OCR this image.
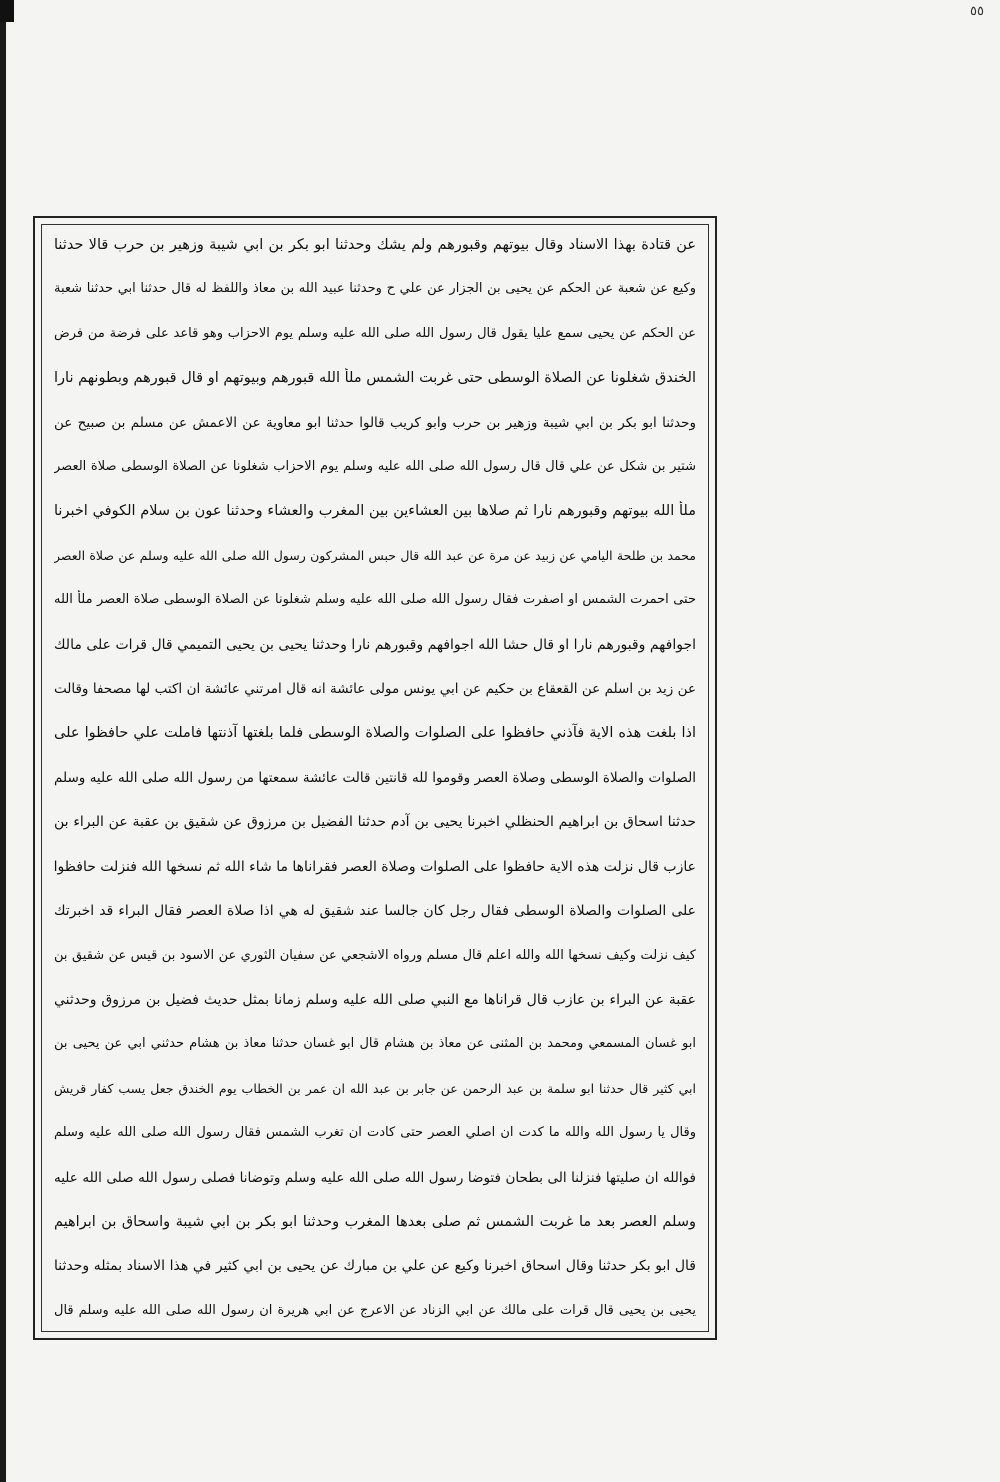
٥٥
عن قتادة بهذا الاسناد وقال بيوتهم وقبورهم ولم يشك وحدثنا ابو بكر بن ابي شيبة وزهير بن حرب قالا حدثنا
وكيع عن شعبة عن الحكم عن يحيى بن الجزار عن علي ح وحدثنا عبيد الله بن معاذ واللفظ له قال حدثنا ابي حدثنا شعبة
عن الحكم عن يحيى سمع عليا يقول قال رسول الله صلى الله عليه وسلم يوم الاحزاب وهو قاعد على فرضة من فرض
الخندق شغلونا عن الصلاة الوسطى حتى غربت الشمس ملأ الله قبورهم وبيوتهم او قال قبورهم وبطونهم نارا
وحدثنا ابو بكر بن ابي شيبة وزهير بن حرب وابو كريب قالوا حدثنا ابو معاوية عن الاعمش عن مسلم بن صبيح عن
شتير بن شكل عن علي قال قال رسول الله صلى الله عليه وسلم يوم الاحزاب شغلونا عن الصلاة الوسطى صلاة العصر
ملأ الله بيوتهم وقبورهم نارا ثم صلاها بين العشاءين بين المغرب والعشاء وحدثنا عون بن سلام الكوفي اخبرنا
محمد بن طلحة اليامي عن زبيد عن مرة عن عبد الله قال حبس المشركون رسول الله صلى الله عليه وسلم عن صلاة العصر
حتى احمرت الشمس او اصفرت فقال رسول الله صلى الله عليه وسلم شغلونا عن الصلاة الوسطى صلاة العصر ملأ الله
اجوافهم وقبورهم نارا او قال حشا الله اجوافهم وقبورهم نارا وحدثنا يحيى بن يحيى التميمي قال قرات على مالك
عن زيد بن اسلم عن القعقاع بن حكيم عن ابي يونس مولى عائشة انه قال امرتني عائشة ان اكتب لها مصحفا وقالت
اذا بلغت هذه الاية فآذني حافظوا على الصلوات والصلاة الوسطى فلما بلغتها آذنتها فاملت علي حافظوا على
الصلوات والصلاة الوسطى وصلاة العصر وقوموا لله قانتين قالت عائشة سمعتها من رسول الله صلى الله عليه وسلم
حدثنا اسحاق بن ابراهيم الحنظلي اخبرنا يحيى بن آدم حدثنا الفضيل بن مرزوق عن شقيق بن عقبة عن البراء بن
عازب قال نزلت هذه الاية حافظوا على الصلوات وصلاة العصر فقراناها ما شاء الله ثم نسخها الله فنزلت حافظوا
على الصلوات والصلاة الوسطى فقال رجل كان جالسا عند شقيق له هي اذا صلاة العصر فقال البراء قد اخبرتك
كيف نزلت وكيف نسخها الله والله اعلم قال مسلم ورواه الاشجعي عن سفيان الثوري عن الاسود بن قيس عن شقيق بن
عقبة عن البراء بن عازب قال قراناها مع النبي صلى الله عليه وسلم زمانا بمثل حديث فضيل بن مرزوق وحدثني
ابو غسان المسمعي ومحمد بن المثنى عن معاذ بن هشام قال ابو غسان حدثنا معاذ بن هشام حدثني ابي عن يحيى بن
ابي كثير قال حدثنا ابو سلمة بن عبد الرحمن عن جابر بن عبد الله ان عمر بن الخطاب يوم الخندق جعل يسب كفار قريش
وقال يا رسول الله والله ما كدت ان اصلي العصر حتى كادت ان تغرب الشمس فقال رسول الله صلى الله عليه وسلم
فوالله ان صليتها فنزلنا الى بطحان فتوضا رسول الله صلى الله عليه وسلم وتوضانا فصلى رسول الله صلى الله عليه
وسلم العصر بعد ما غربت الشمس ثم صلى بعدها المغرب وحدثنا ابو بكر بن ابي شيبة واسحاق بن ابراهيم
قال ابو بكر حدثنا وقال اسحاق اخبرنا وكيع عن علي بن مبارك عن يحيى بن ابي كثير في هذا الاسناد بمثله وحدثنا
يحيى بن يحيى قال قرات على مالك عن ابي الزناد عن الاعرج عن ابي هريرة ان رسول الله صلى الله عليه وسلم قال
